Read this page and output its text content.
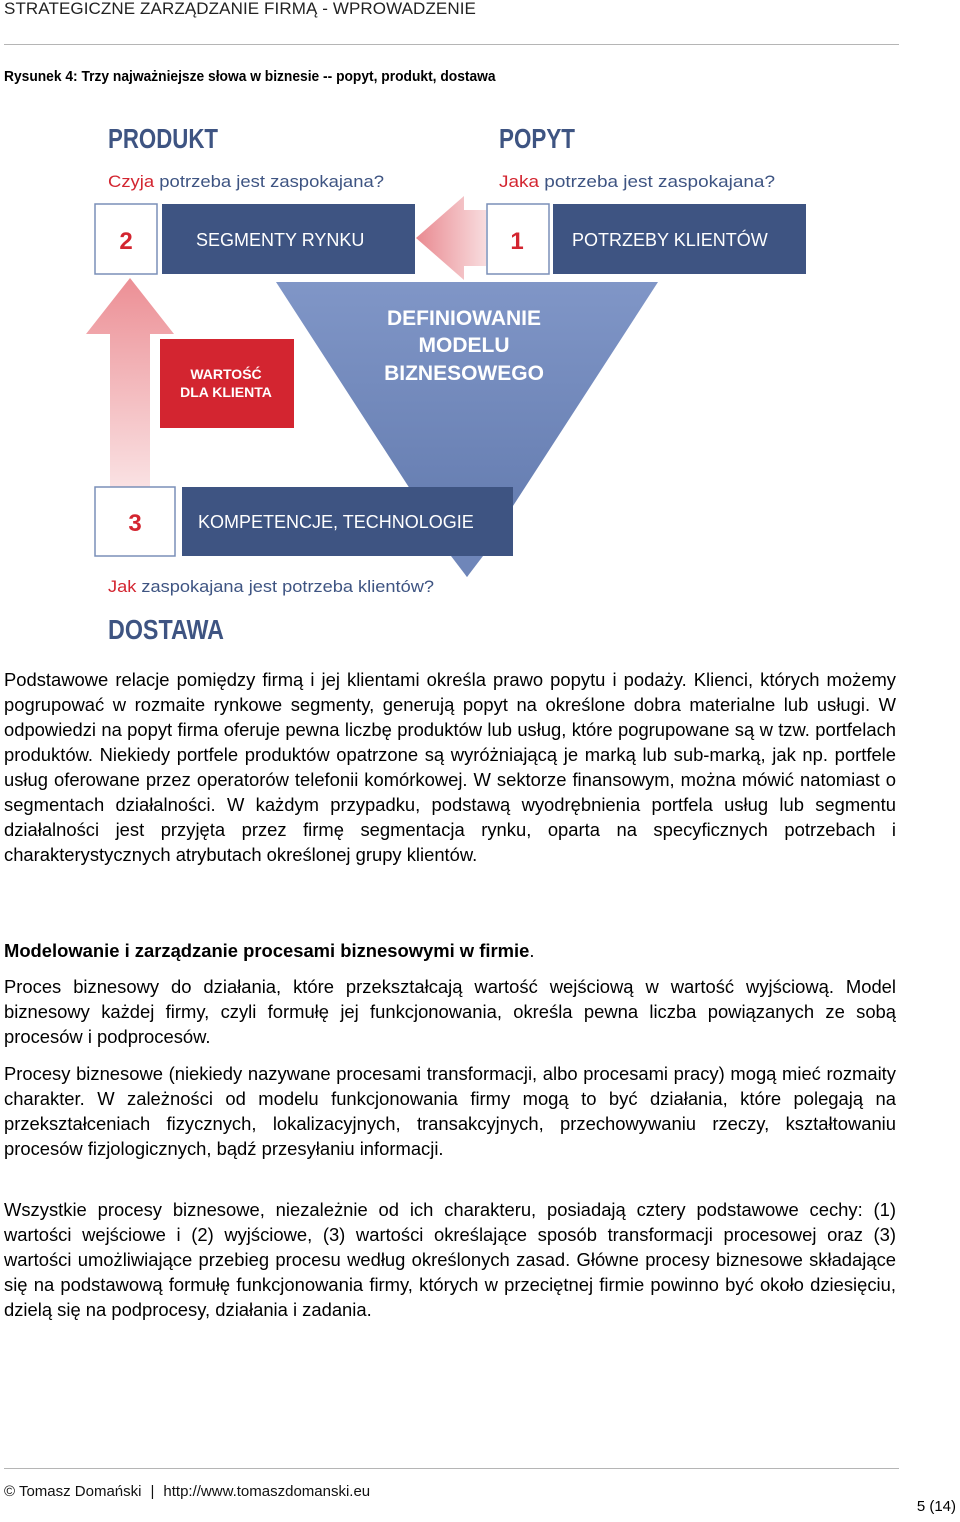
STRATEGICZNE ZARZĄDZANIE FIRMĄ - WPROWADZENIE
Rysunek 4: Trzy najważniejsze słowa w biznesie -- popyt, produkt, dostawa
PRODUKT
Czyja potrzeba jest zaspokajana?
POPYT
Jaka potrzeba jest zaspokajana?
2	SEGMENTY RYNKU	1	POTRZEBY KLIENTÓW
DEFINIOWANIE
MODELU
BIZNESOWEGO
WARTOŚĆ
DLA KLIENTA
3	KOMPETENCJE, TECHNOLOGIE
Jak zaspokajana jest potrzeba klientów?
DOSTAWA

Podstawowe relacje pomiędzy firmą i jej klientami określa prawo popytu i podaży. Klienci, których możemy pogrupować w rozmaite rynkowe segmenty, generują popyt na określone dobra materialne lub usługi. W odpowiedzi na popyt firma oferuje pewna liczbę produktów lub usług, które pogrupowane są w tzw. portfelach produktów. Niekiedy portfele produktów opatrzone są wyróżniającą je marką lub sub-marką, jak np. portfele usług oferowane przez operatorów telefonii komórkowej. W sektorze finansowym, można mówić natomiast o segmentach działalności. W każdym przypadku, podstawą wyodrębnienia portfela usług lub segmentu działalności jest przyjęta przez firmę segmentacja rynku, oparta na specyficznych potrzebach i charakterystycznych atrybutach określonej grupy klientów.

Modelowanie i zarządzanie procesami biznesowymi w firmie.

Proces biznesowy do działania, które przekształcają wartość wejściową w wartość wyjściową. Model biznesowy każdej firmy, czyli formułę jej funkcjonowania, określa pewna liczba powiązanych ze sobą procesów i podprocesów.

Procesy biznesowe (niekiedy nazywane procesami transformacji, albo procesami pracy) mogą mieć rozmaity charakter. W zależności od modelu funkcjonowania firmy mogą to być działania, które polegają na przekształceniach fizycznych, lokalizacyjnych, transakcyjnych, przechowywaniu rzeczy, kształtowaniu procesów fizjologicznych, bądź przesyłaniu informacji.

Wszystkie procesy biznesowe, niezależnie od ich charakteru, posiadają cztery podstawowe cechy: (1) wartości wejściowe i (2) wyjściowe, (3) wartości określające sposób transformacji procesowej oraz (3) wartości umożliwiające przebieg procesu według określonych zasad. Główne procesy biznesowe składające się na podstawową formułę funkcjonowania firmy, których w przeciętnej firmie powinno być około dziesięciu, dzielą się na podprocesy, działania i zadania.

© Tomasz Domański | http://www.tomaszdomanski.eu
5 (14)
